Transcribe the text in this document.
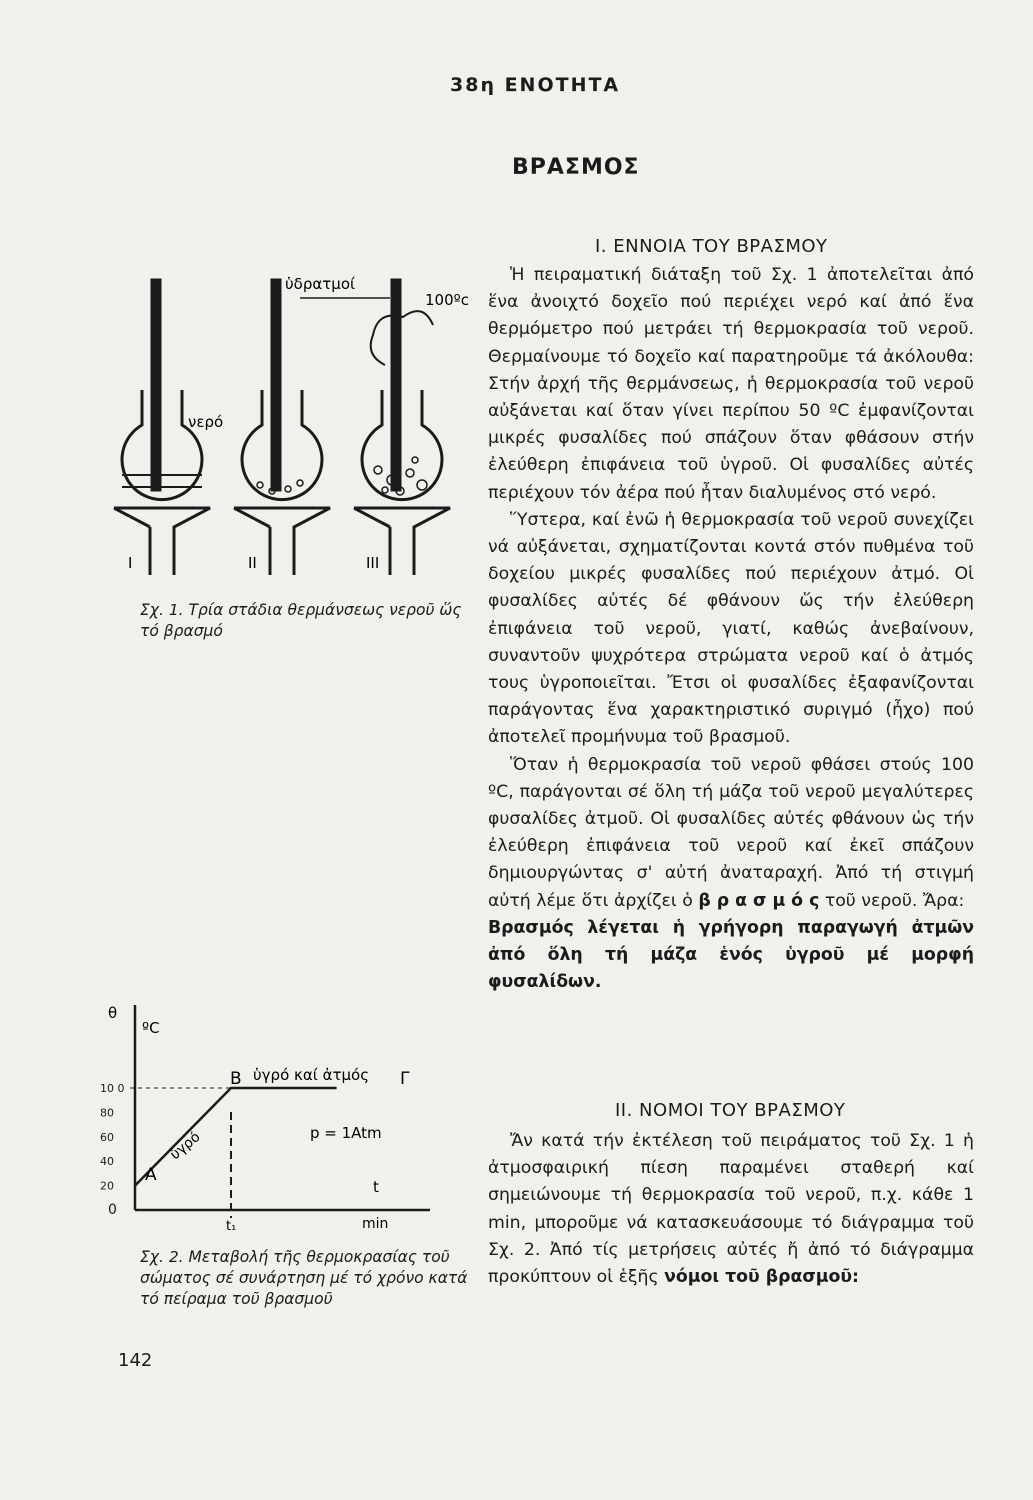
38η ΕΝΟΤΗΤΑ
ΒΡΑΣΜΟΣ
Ι. ΕΝΝΟΙΑ ΤΟΥ ΒΡΑΣΜΟΥ

Ἡ πειραματική διάταξη τοῦ Σχ. 1 ἀποτελεῖται ἀπό ἕνα ἀνοιχτό δοχεῖο πού περιέχει νερό καί ἀπό ἕνα θερμόμετρο πού μετράει τή θερμοκρασία τοῦ νεροῦ. Θερμαίνουμε τό δοχεῖο καί παρατηροῦμε τά ἀκόλουθα: Στήν ἀρχή τῆς θερμάνσεως, ἡ θερμοκρασία τοῦ νεροῦ αὐξάνεται καί ὅταν γίνει περίπου 50 ºC ἐμφανίζονται μικρές φυσαλίδες πού σπάζουν ὅταν φθάσουν στήν ἐλεύθερη ἐπιφάνεια τοῦ ὑγροῦ. Οἱ φυσαλίδες αὐτές περιέχουν τόν ἀέρα πού ἦταν διαλυμένος στό νερό.

Ὕστερα, καί ἐνῶ ἡ θερμοκρασία τοῦ νεροῦ συνεχίζει νά αὐξάνεται, σχηματίζονται κοντά στόν πυθμένα τοῦ δοχείου μικρές φυσαλίδες πού περιέχουν ἀτμό. Οἱ φυσαλίδες αὐτές δέ φθάνουν ὥς τήν ἐλεύθερη ἐπιφάνεια τοῦ νεροῦ, γιατί, καθώς ἀνεβαίνουν, συναντοῦν ψυχρότερα στρώματα νεροῦ καί ὁ ἀτμός τους ὑγροποιεῖται. Ἔτσι οἱ φυσαλίδες ἐξαφανίζονται παράγοντας ἕνα χαρακτηριστικό συριγμό (ἦχο) πού ἀποτελεῖ προμήνυμα τοῦ βρασμοῦ.

Ὅταν ἡ θερμοκρασία τοῦ νεροῦ φθάσει στούς 100 ºC, παράγονται σέ ὅλη τή μάζα τοῦ νεροῦ μεγαλύτερες φυσαλίδες ἀτμοῦ. Οἱ φυσαλίδες αὐτές φθάνουν ὡς τήν ἐλεύθερη ἐπιφάνεια τοῦ νεροῦ καί ἐκεῖ σπάζουν δημιουργώντας σ' αὐτή ἀναταραχή. Ἀπό τή στιγμή αὐτή λέμε ὅτι ἀρχίζει ὁ β ρ α σ μ ό ς τοῦ νεροῦ. Ἄρα:

Βρασμός λέγεται ἡ γρήγορη παραγωγή ἀτμῶν ἀπό ὅλη τή μάζα ἑνός ὑγροῦ μέ μορφή φυσαλίδων.

ΙΙ. ΝΟΜΟΙ ΤΟΥ ΒΡΑΣΜΟΥ

Ἄν κατά τήν ἐκτέλεση τοῦ πειράματος τοῦ Σχ. 1 ἡ ἀτμοσφαιρική πίεση παραμένει σταθερή καί σημειώνουμε τή θερμοκρασία τοῦ νεροῦ, π.χ. κάθε 1 min, μποροῦμε νά κατασκευάσουμε τό διάγραμμα τοῦ Σχ. 2. Ἀπό τίς μετρήσεις αὐτές ἤ ἀπό τό διάγραμμα προκύπτουν οἱ ἑξῆς νόμοι τοῦ βρασμοῦ:

ὑδρατμοί
100ºc
νερό
Ι	ΙΙ	ΙΙΙ
Σχ. 1. Τρία στάδια θερμάνσεως νεροῦ ὥς τό βρασμό
0
20
40
60
80
10 0
θ
ºC
A
B	Γ
ὑγρό καί ἀτμός
ὑγρό	p = 1Atm
t
t₁	min
Σχ. 2. Μεταβολή τῆς θερμοκρασίας τοῦ σώματος σέ συνάρτηση μέ τό χρόνο κατά τό πείραμα τοῦ βρασμοῦ
142
